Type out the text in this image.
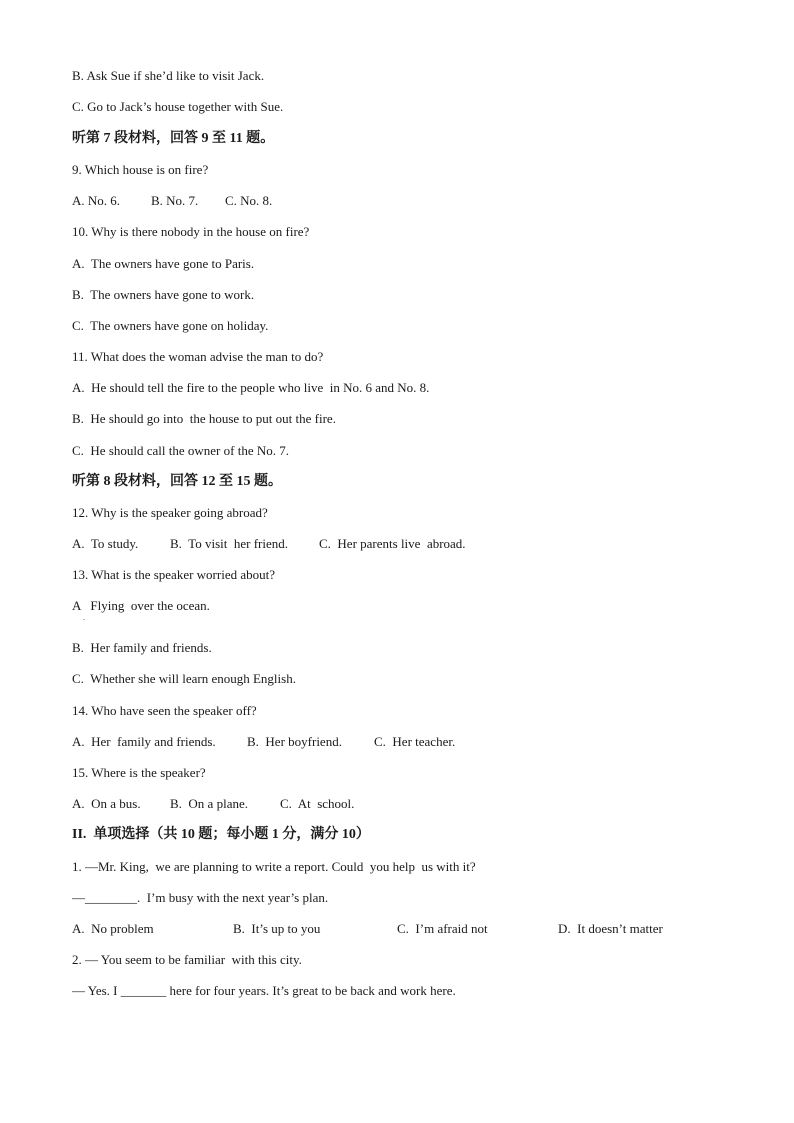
B. Ask Sue if she’d like to visit Jack.
C. Go to Jack’s house together with Sue.
听第 7 段材料，回答 9 至 11 题。
9. Which house is on fire?
A. No. 6. B. No. 7. C. No. 8.
10. Why is there nobody in the house on fire?
A.  The owners have gone to Paris.
B.  The owners have gone to work.
C.  The owners have gone on holiday.
11. What does the woman advise the man to do?
A.  He should tell the fire to the people who live  in No. 6 and No. 8.
B.  He should go into  the house to put out the fire.
C.  He should call the owner of the No. 7.
听第 8 段材料，回答 12 至 15 题。
12. Why is the speaker going abroad?
A.  To study. B.  To visit  her friend. C.  Her parents live  abroad.
13. What is the speaker worried about?
A   Flying  over the ocean.
.
B.  Her family and friends.
C.  Whether she will learn enough English.
14. Who have seen the speaker off?
A.  Her  family and friends. B.  Her boyfriend. C.  Her teacher.
15. Where is the speaker?
A.  On a bus. B.  On a plane. C.  At  school.
II.  单项选择（共 10 题；每小题 1 分，满分 10）
1. —Mr. King,  we are planning to write a report. Could  you help  us with it?
—________.  I’m busy with the next year’s plan.
A.  No problem	B.  It’s up to you	C.  I’m afraid not	D.  It doesn’t matter
2. — You seem to be familiar  with this city.
— Yes. I _______ here for four years. It’s great to be back and work here.
